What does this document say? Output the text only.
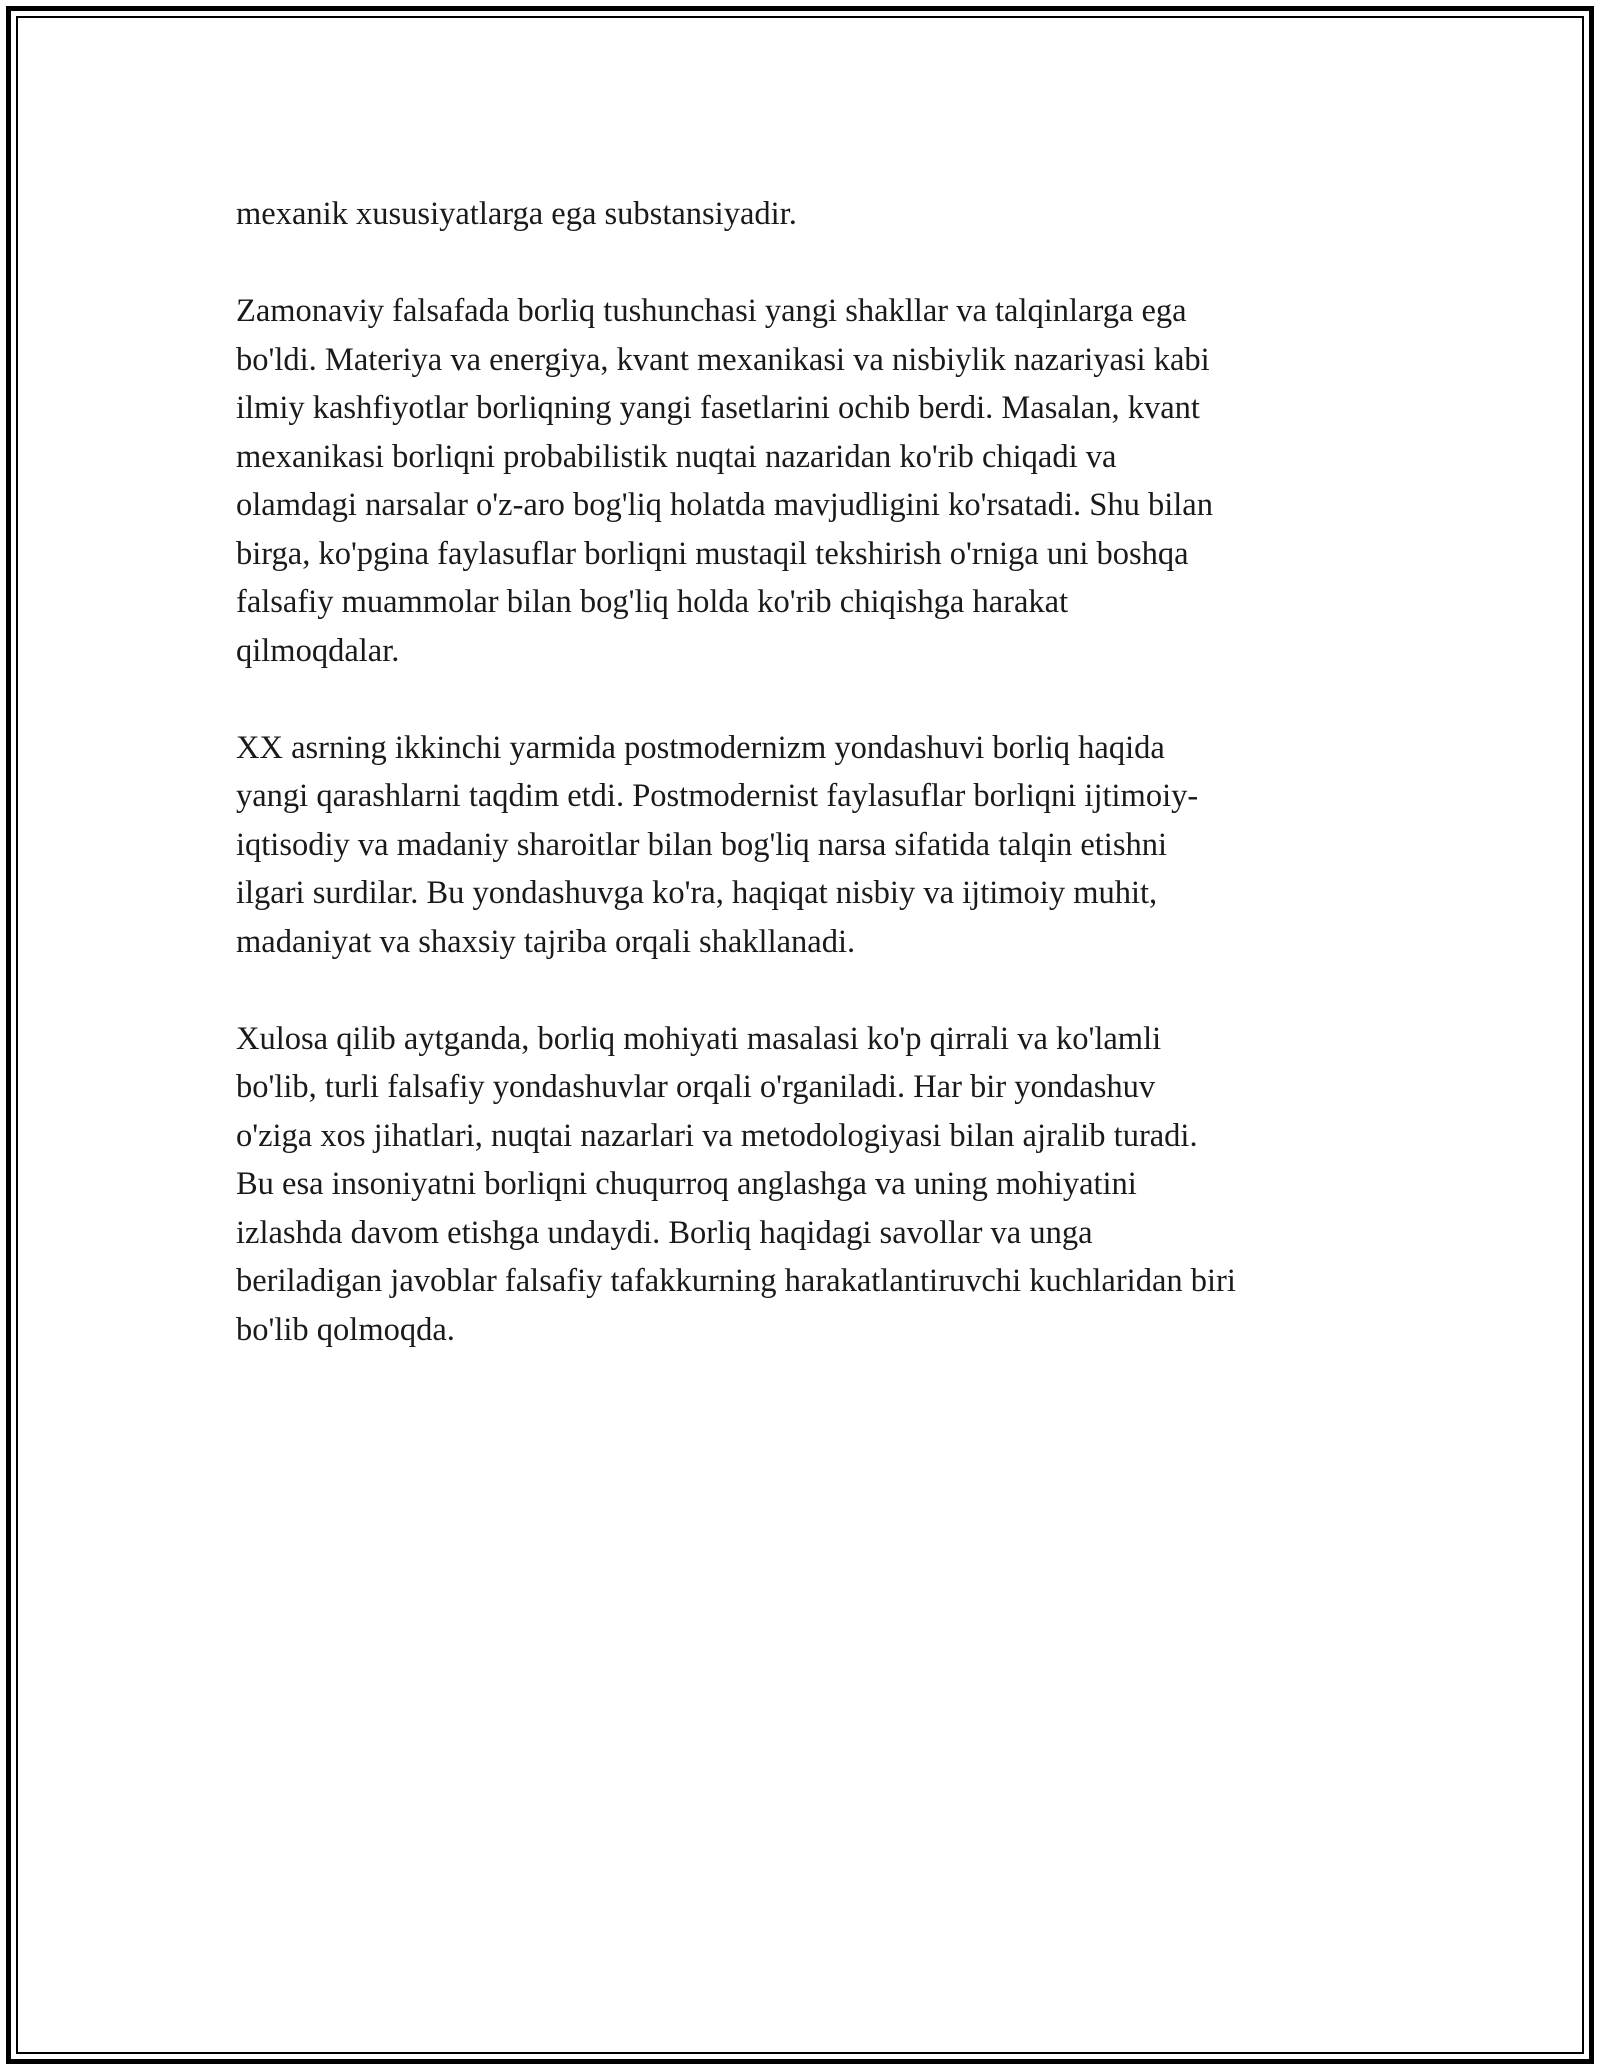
mexanik xususiyatlarga ega substansiyadir.

Zamonaviy falsafada borliq tushunchasi yangi shakllar va talqinlarga ega
bo'ldi. Materiya va energiya, kvant mexanikasi va nisbiylik nazariyasi kabi
ilmiy kashfiyotlar borliqning yangi fasetlarini ochib berdi. Masalan, kvant
mexanikasi borliqni probabilistik nuqtai nazaridan ko'rib chiqadi va
olamdagi narsalar o'z-aro bog'liq holatda mavjudligini ko'rsatadi. Shu bilan
birga, ko'pgina faylasuflar borliqni mustaqil tekshirish o'rniga uni boshqa
falsafiy muammolar bilan bog'liq holda ko'rib chiqishga harakat
qilmoqdalar.

XX asrning ikkinchi yarmida postmodernizm yondashuvi borliq haqida
yangi qarashlarni taqdim etdi. Postmodernist faylasuflar borliqni ijtimoiy-
iqtisodiy va madaniy sharoitlar bilan bog'liq narsa sifatida talqin etishni
ilgari surdilar. Bu yondashuvga ko'ra, haqiqat nisbiy va ijtimoiy muhit,
madaniyat va shaxsiy tajriba orqali shakllanadi.

Xulosa qilib aytganda, borliq mohiyati masalasi ko'p qirrali va ko'lamli
bo'lib, turli falsafiy yondashuvlar orqali o'rganiladi. Har bir yondashuv
o'ziga xos jihatlari, nuqtai nazarlari va metodologiyasi bilan ajralib turadi.
Bu esa insoniyatni borliqni chuqurroq anglashga va uning mohiyatini
izlashda davom etishga undaydi. Borliq haqidagi savollar va unga
beriladigan javoblar falsafiy tafakkurning harakatlantiruvchi kuchlaridan biri
bo'lib qolmoqda.
